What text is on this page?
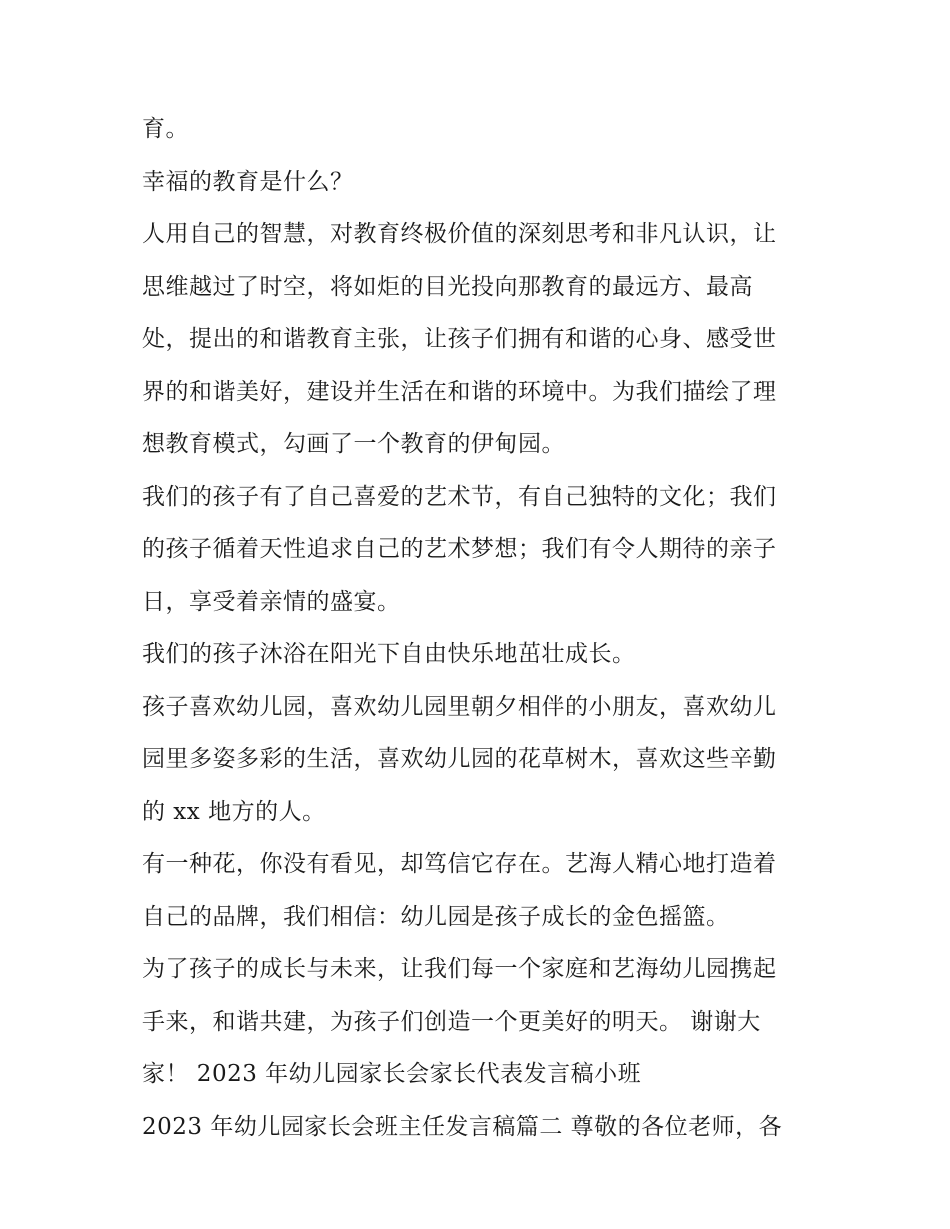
育。
幸福的教育是什么？
人用自己的智慧，对教育终极价值的深刻思考和非凡认识，让
思维越过了时空，将如炬的目光投向那教育的最远方、最高
处，提出的和谐教育主张，让孩子们拥有和谐的心身、感受世
界的和谐美好，建设并生活在和谐的环境中。为我们描绘了理
想教育模式，勾画了一个教育的伊甸园。
我们的孩子有了自己喜爱的艺术节，有自己独特的文化；我们
的孩子循着天性追求自己的艺术梦想；我们有令人期待的亲子
日，享受着亲情的盛宴。
我们的孩子沐浴在阳光下自由快乐地茁壮成长。
孩子喜欢幼儿园，喜欢幼儿园里朝夕相伴的小朋友，喜欢幼儿
园里多姿多彩的生活，喜欢幼儿园的花草树木，喜欢这些辛勤
的 xx 地方的人。
有一种花，你没有看见，却笃信它存在。艺海人精心地打造着
自己的品牌，我们相信：幼儿园是孩子成长的金色摇篮。
为了孩子的成长与未来，让我们每一个家庭和艺海幼儿园携起
手来，和谐共建，为孩子们创造一个更美好的明天。 谢谢大
家！ 2023 年幼儿园家长会家长代表发言稿小班
2023 年幼儿园家长会班主任发言稿篇二 尊敬的各位老师，各
